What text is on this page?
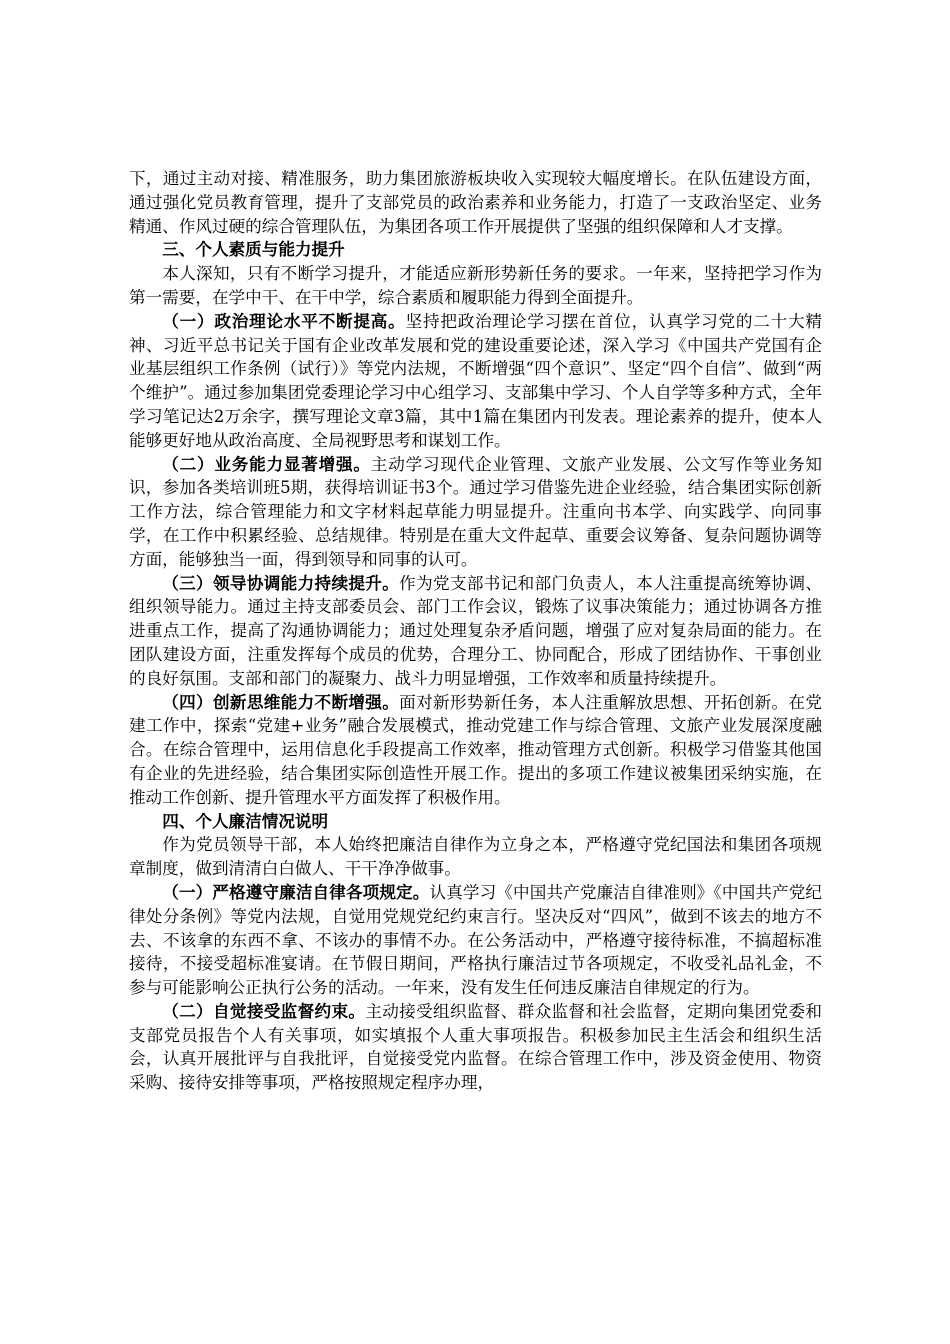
下，通过主动对接、精准服务，助力集团旅游板块收入实现较大幅度增长。在队伍建设方面，通过强化党员教育管理，提升了支部党员的政治素养和业务能力，打造了一支政治坚定、业务精通、作风过硬的综合管理队伍，为集团各项工作开展提供了坚强的组织保障和人才支撑。

三、个人素质与能力提升

本人深知，只有不断学习提升，才能适应新形势新任务的要求。一年来，坚持把学习作为第一需要，在学中干、在干中学，综合素质和履职能力得到全面提升。

（一）政治理论水平不断提高。坚持把政治理论学习摆在首位，认真学习党的二十大精神、习近平总书记关于国有企业改革发展和党的建设重要论述，深入学习《中国共产党国有企业基层组织工作条例（试行）》等党内法规，不断增强“四个意识”、坚定“四个自信”、做到“两个维护”。通过参加集团党委理论学习中心组学习、支部集中学习、个人自学等多种方式，全年学习笔记达2万余字，撰写理论文章3篇，其中1篇在集团内刊发表。理论素养的提升，使本人能够更好地从政治高度、全局视野思考和谋划工作。

（二）业务能力显著增强。主动学习现代企业管理、文旅产业发展、公文写作等业务知识，参加各类培训班5期，获得培训证书3个。通过学习借鉴先进企业经验，结合集团实际创新工作方法，综合管理能力和文字材料起草能力明显提升。注重向书本学、向实践学、向同事学，在工作中积累经验、总结规律。特别是在重大文件起草、重要会议筹备、复杂问题协调等方面，能够独当一面，得到领导和同事的认可。

（三）领导协调能力持续提升。作为党支部书记和部门负责人，本人注重提高统筹协调、组织领导能力。通过主持支部委员会、部门工作会议，锻炼了议事决策能力；通过协调各方推进重点工作，提高了沟通协调能力；通过处理复杂矛盾问题，增强了应对复杂局面的能力。在团队建设方面，注重发挥每个成员的优势，合理分工、协同配合，形成了团结协作、干事创业的良好氛围。支部和部门的凝聚力、战斗力明显增强，工作效率和质量持续提升。

（四）创新思维能力不断增强。面对新形势新任务，本人注重解放思想、开拓创新。在党建工作中，探索“党建+业务”融合发展模式，推动党建工作与综合管理、文旅产业发展深度融合。在综合管理中，运用信息化手段提高工作效率，推动管理方式创新。积极学习借鉴其他国有企业的先进经验，结合集团实际创造性开展工作。提出的多项工作建议被集团采纳实施，在推动工作创新、提升管理水平方面发挥了积极作用。

四、个人廉洁情况说明

作为党员领导干部，本人始终把廉洁自律作为立身之本，严格遵守党纪国法和集团各项规章制度，做到清清白白做人、干干净净做事。

（一）严格遵守廉洁自律各项规定。认真学习《中国共产党廉洁自律准则》《中国共产党纪律处分条例》等党内法规，自觉用党规党纪约束言行。坚决反对“四风”，做到不该去的地方不去、不该拿的东西不拿、不该办的事情不办。在公务活动中，严格遵守接待标准，不搞超标准接待，不接受超标准宴请。在节假日期间，严格执行廉洁过节各项规定，不收受礼品礼金，不参与可能影响公正执行公务的活动。一年来，没有发生任何违反廉洁自律规定的行为。

（二）自觉接受监督约束。主动接受组织监督、群众监督和社会监督，定期向集团党委和支部党员报告个人有关事项，如实填报个人重大事项报告。积极参加民主生活会和组织生活会，认真开展批评与自我批评，自觉接受党内监督。在综合管理工作中，涉及资金使用、物资采购、接待安排等事项，严格按照规定程序办理，
